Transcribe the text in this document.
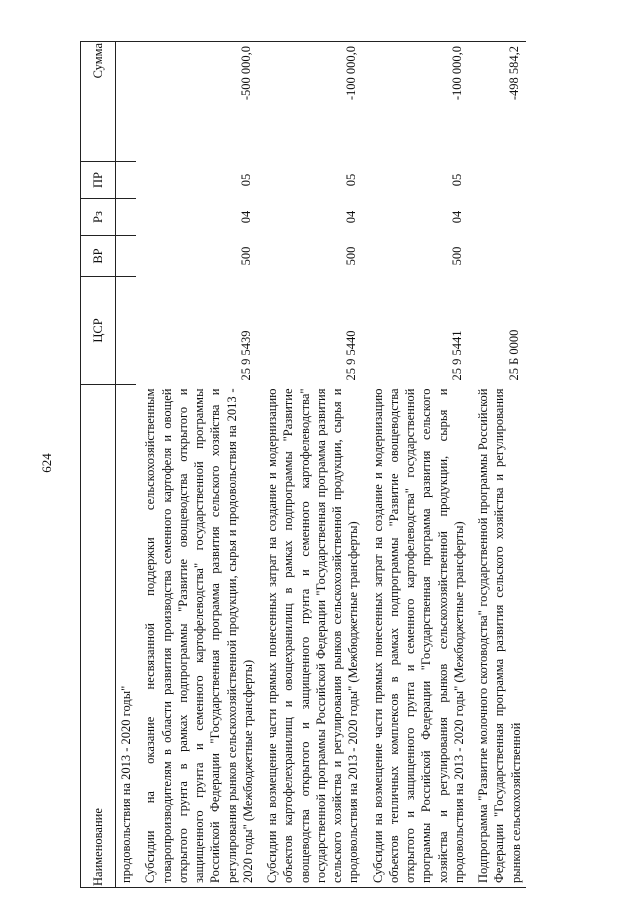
624
Наименование	ЦСР	ВР	Рз	ПР	Сумма
продовольствия на 2013 - 2020 годы"					
Субсидии на оказание несвязанной поддержки сельскохозяйственным товаропроизводителям в области развития производства семенного картофеля и овощей открытого грунта в рамках подпрограммы "Развитие овощеводства открытого и защищенного грунта и семенного картофелеводства" государственной программы Российской Федерации "Государственная программа развития сельского хозяйства и регулирования рынков сельскохозяйственной продукции, сырья и продовольствия на 2013 - 2020 годы" (Межбюджетные трансферты)	25 9 5439	500	04	05	-500 000,0
Субсидии на возмещение части прямых понесенных затрат на создание и модернизацию объектов картофелехранилищ и овощехранилищ в рамках подпрограммы "Развитие овощеводства открытого и защищенного грунта и семенного картофелеводства" государственной программы Российской Федерации "Государственная программа развития сельского хозяйства и регулирования рынков сельскохозяйственной продукции, сырья и продовольствия на 2013 - 2020 годы" (Межбюджетные трансферты)	25 9 5440	500	04	05	-100 000,0
Субсидии на возмещение части прямых понесенных затрат на создание и модернизацию объектов тепличных комплексов в рамках подпрограммы "Развитие овощеводства открытого и защищенного грунта и семенного картофелеводства" государственной программы Российской Федерации "Государственная программа развития сельского хозяйства и регулирования рынков сельскохозяйственной продукции, сырья и продовольствия на 2013 - 2020 годы" (Межбюджетные трансферты)	25 9 5441	500	04	05	-100 000,0
Подпрограмма "Развитие молочного скотоводства" государственной программы Российской Федерации "Государственная программа развития сельского хозяйства и регулирования рынков сельскохозяйственной	25 Б 0000				-498 584,2
